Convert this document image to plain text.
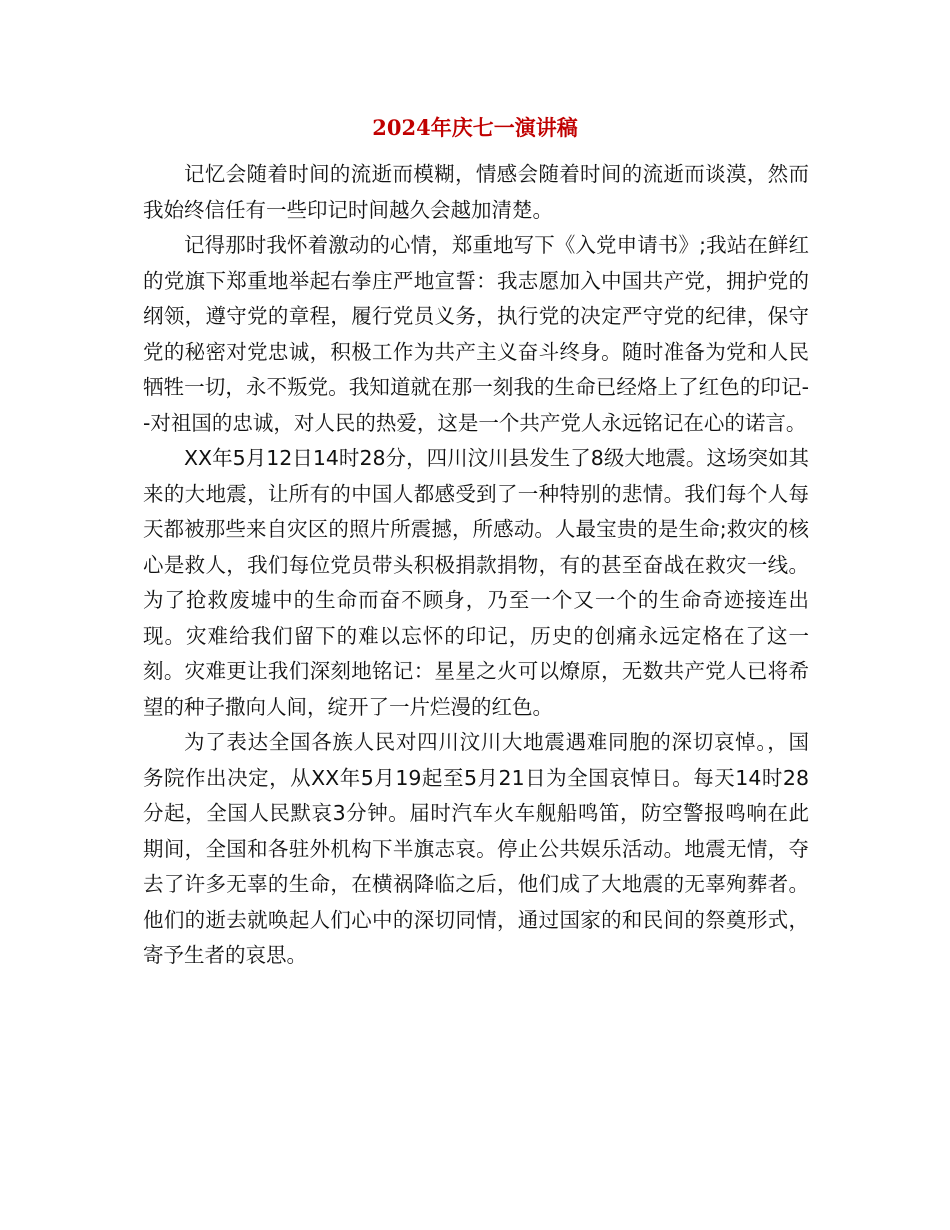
2024年庆七一演讲稿

记忆会随着时间的流逝而模糊，情感会随着时间的流逝而谈漠，然而我始终信任有一些印记时间越久会越加清楚。

记得那时我怀着激动的心情，郑重地写下《入党申请书》;我站在鲜红的党旗下郑重地举起右拳庄严地宣誓：我志愿加入中国共产党，拥护党的纲领，遵守党的章程，履行党员义务，执行党的决定严守党的纪律，保守党的秘密对党忠诚，积极工作为共产主义奋斗终身。随时准备为党和人民牺牲一切，永不叛党。我知道就在那一刻我的生命已经烙上了红色的印记--对祖国的忠诚，对人民的热爱，这是一个共产党人永远铭记在心的诺言。

XX年5月12日14时28分，四川汶川县发生了8级大地震。这场突如其来的大地震，让所有的中国人都感受到了一种特别的悲情。我们每个人每天都被那些来自灾区的照片所震撼，所感动。人最宝贵的是生命;救灾的核心是救人，我们每位党员带头积极捐款捐物，有的甚至奋战在救灾一线。为了抢救废墟中的生命而奋不顾身，乃至一个又一个的生命奇迹接连出现。灾难给我们留下的难以忘怀的印记，历史的创痛永远定格在了这一刻。灾难更让我们深刻地铭记：星星之火可以燎原，无数共产党人已将希望的种子撒向人间，绽开了一片烂漫的红色。

为了表达全国各族人民对四川汶川大地震遇难同胞的深切哀悼。，国务院作出决定，从XX年5月19起至5月21日为全国哀悼日。每天14时28分起，全国人民默哀3分钟。届时汽车火车舰船鸣笛，防空警报鸣响在此期间，全国和各驻外机构下半旗志哀。停止公共娱乐活动。地震无情，夺去了许多无辜的生命，在横祸降临之后，他们成了大地震的无辜殉葬者。他们的逝去就唤起人们心中的深切同情，通过国家的和民间的祭奠形式，寄予生者的哀思。
